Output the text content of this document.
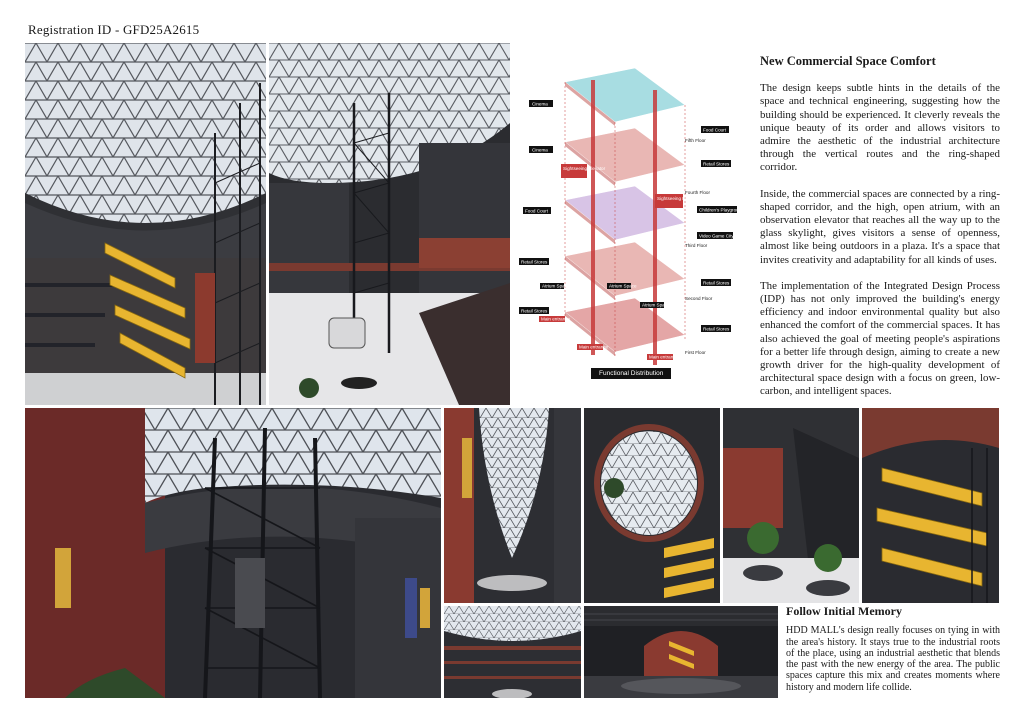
Registration ID - GFD25A2615
Cinema
Cinema
Food Court
Retail Stores
Retail Stores
Sightseeing Elevator
Sightseeing Elevator
Atrium Space	Atrium Space
Atrium Space
Main entrance
Main entrance
Main entrance
Food Court
Fifth Floor
Retail Stores
Fourth Floor
Children's Playground
Third Floor
Video Game City
Retail Stores
Second Floor
Retail Stores
First Floor
Functional Distribution
New Commercial Space Comfort

The design keeps subtle hints in the details of the space and technical engineering, suggesting how the building should be experienced. It cleverly reveals the unique beauty of its order and allows visitors to admire the aesthetic of the industrial architecture through the vertical routes and the ring-shaped corridor.

Inside, the commercial spaces are connected by a ring-shaped corridor, and the high, open atrium, with an observation elevator that reaches all the way up to the glass skylight, gives visitors a sense of openness, almost like being outdoors in a plaza. It's a space that invites creativity and adaptability for all kinds of uses.

The implementation of the Integrated Design Process (IDP) has not only improved the building's energy efficiency and indoor environmental quality but also enhanced the comfort of the commercial spaces. It has also achieved the goal of meeting people's aspirations for a better life through design, aiming to create a new growth driver for the high-quality development of architectural space design with a focus on green, low-carbon, and intelligent spaces.

Follow Initial Memory

HDD MALL's design really focuses on tying in with the area's history. It stays true to the industrial roots of the place, using an industrial aesthetic that blends the past with the new energy of the area. The public spaces capture this mix and creates moments where history and modern life collide.
